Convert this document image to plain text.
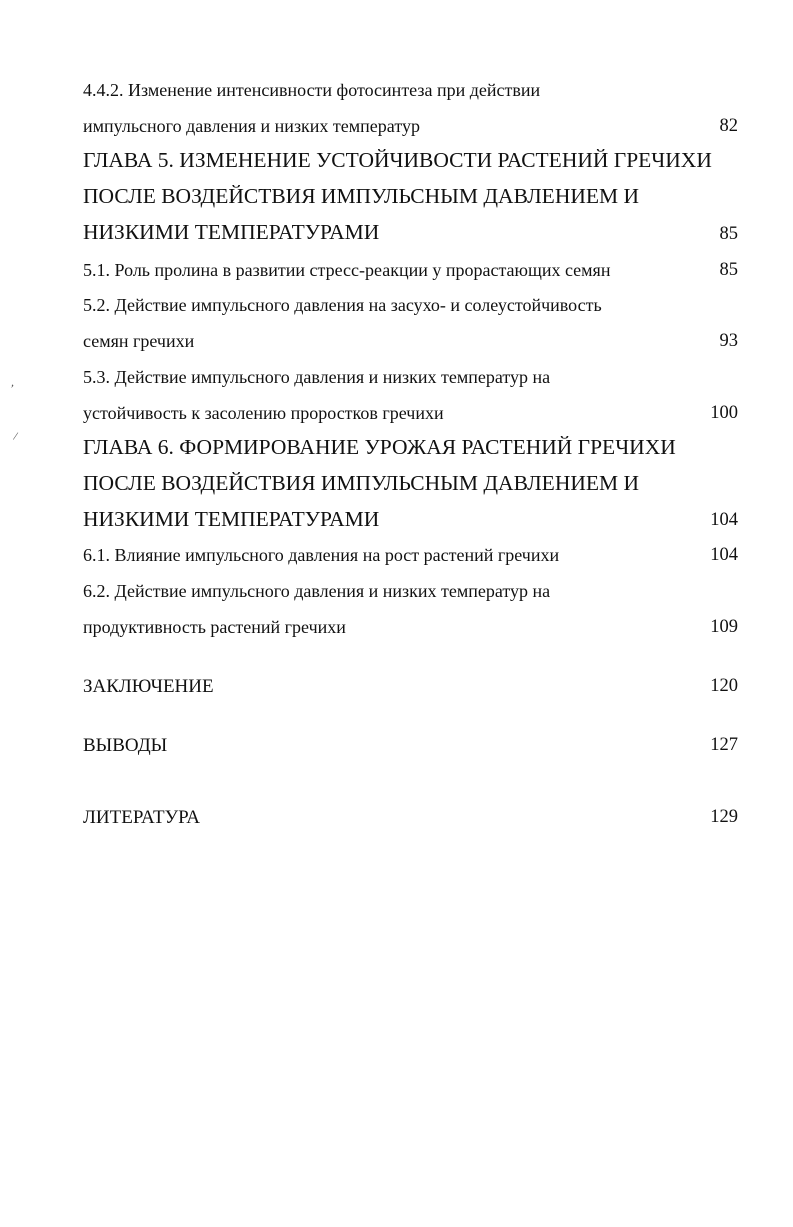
4.4.2. Изменение интенсивности фотосинтеза при действии
импульсного давления и низких температур	82
ГЛАВА 5. ИЗМЕНЕНИЕ УСТОЙЧИВОСТИ РАСТЕНИЙ ГРЕЧИХИ
ПОСЛЕ ВОЗДЕЙСТВИЯ ИМПУЛЬСНЫМ ДАВЛЕНИЕМ И
НИЗКИМИ ТЕМПЕРАТУРАМИ	85
5.1. Роль пролина в развитии стресс-реакции у прорастающих семян	85
5.2. Действие импульсного давления на засухо- и солеустойчивость
семян гречихи	93
,
/
5.3. Действие импульсного давления и низких температур на
устойчивость к засолению проростков гречихи	100
ГЛАВА 6. ФОРМИРОВАНИЕ УРОЖАЯ РАСТЕНИЙ ГРЕЧИХИ
ПОСЛЕ ВОЗДЕЙСТВИЯ ИМПУЛЬСНЫМ ДАВЛЕНИЕМ И
НИЗКИМИ ТЕМПЕРАТУРАМИ	104
6.1. Влияние импульсного давления на рост растений гречихи	104
6.2. Действие импульсного давления и низких температур на
продуктивность растений гречихи	109
ЗАКЛЮЧЕНИЕ	120
ВЫВОДЫ	127
ЛИТЕРАТУРА	129
